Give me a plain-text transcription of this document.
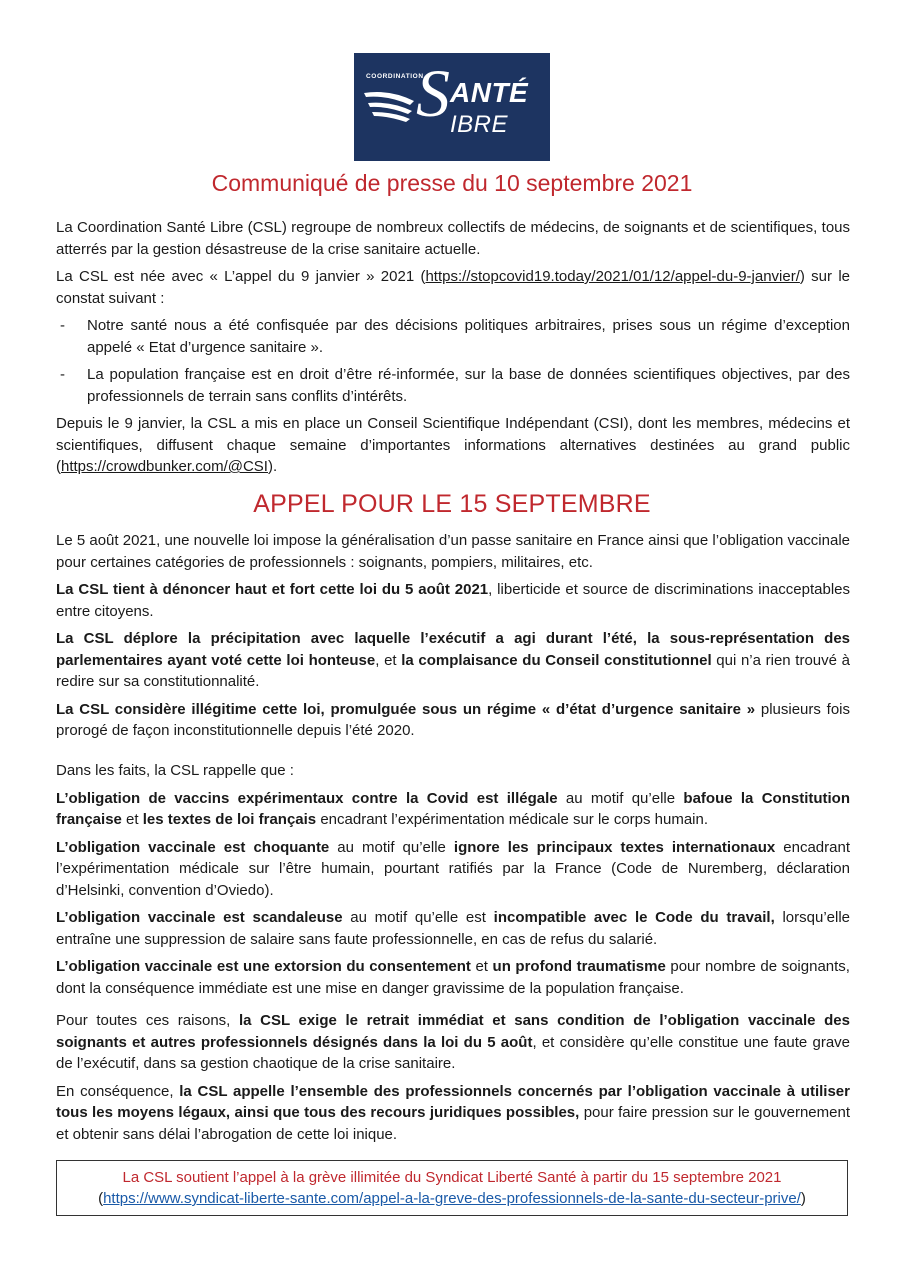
COORDINATION
S ANTÉ
IBRE
Communiqué de presse du 10 septembre 2021

La Coordination Santé Libre (CSL) regroupe de nombreux collectifs de médecins, de soignants et de scientifiques, tous atterrés par la gestion désastreuse de la crise sanitaire actuelle.

La CSL est née avec « L’appel du 9 janvier » 2021 (https://stopcovid19.today/2021/01/12/appel-du-9-janvier/) sur le constat suivant :

-	Notre santé nous a été confisquée par des décisions politiques arbitraires, prises sous un régime d’exception appelé « Etat d’urgence sanitaire ».
-	La population française est en droit d’être ré-informée, sur la base de données scientifiques objectives, par des professionnels de terrain sans conflits d’intérêts.

Depuis le 9 janvier, la CSL a mis en place un Conseil Scientifique Indépendant (CSI), dont les membres, médecins et scientifiques, diffusent chaque semaine d’importantes informations alternatives destinées au grand public (https://crowdbunker.com/@CSI).

APPEL POUR LE 15 SEPTEMBRE

Le 5 août 2021, une nouvelle loi impose la généralisation d’un passe sanitaire en France ainsi que l’obligation vaccinale pour certaines catégories de professionnels : soignants, pompiers, militaires, etc.

La CSL tient à dénoncer haut et fort cette loi du 5 août 2021, liberticide et source de discriminations inacceptables entre citoyens.

La CSL déplore la précipitation avec laquelle l’exécutif a agi durant l’été, la sous-représentation des parlementaires ayant voté cette loi honteuse, et la complaisance du Conseil constitutionnel qui n’a rien trouvé à redire sur sa constitutionnalité.

La CSL considère illégitime cette loi, promulguée sous un régime « d’état d’urgence sanitaire » plusieurs fois prorogé de façon inconstitutionnelle depuis l’été 2020.

Dans les faits, la CSL rappelle que :

L’obligation de vaccins expérimentaux contre la Covid est illégale au motif qu’elle bafoue la Constitution française et les textes de loi français encadrant l’expérimentation médicale sur le corps humain.

L’obligation vaccinale est choquante au motif qu’elle ignore les principaux textes internationaux encadrant l’expérimentation médicale sur l’être humain, pourtant ratifiés par la France (Code de Nuremberg, déclaration d’Helsinki, convention d’Oviedo).

L’obligation vaccinale est scandaleuse au motif qu’elle est incompatible avec le Code du travail, lorsqu’elle entraîne une suppression de salaire sans faute professionnelle, en cas de refus du salarié.

L’obligation vaccinale est une extorsion du consentement et un profond traumatisme pour nombre de soignants, dont la conséquence immédiate est une mise en danger gravissime de la population française.

Pour toutes ces raisons, la CSL exige le retrait immédiat et sans condition de l’obligation vaccinale des soignants et autres professionnels désignés dans la loi du 5 août, et considère qu’elle constitue une faute grave de l’exécutif, dans sa gestion chaotique de la crise sanitaire.

En conséquence, la CSL appelle l’ensemble des professionnels concernés par l’obligation vaccinale à utiliser tous les moyens légaux, ainsi que tous des recours juridiques possibles, pour faire pression sur le gouvernement et obtenir sans délai l’abrogation de cette loi inique.

La CSL soutient l’appel à la grève illimitée du Syndicat Liberté Santé à partir du 15 septembre 2021
(https://www.syndicat-liberte-sante.com/appel-a-la-greve-des-professionnels-de-la-sante-du-secteur-prive/)
